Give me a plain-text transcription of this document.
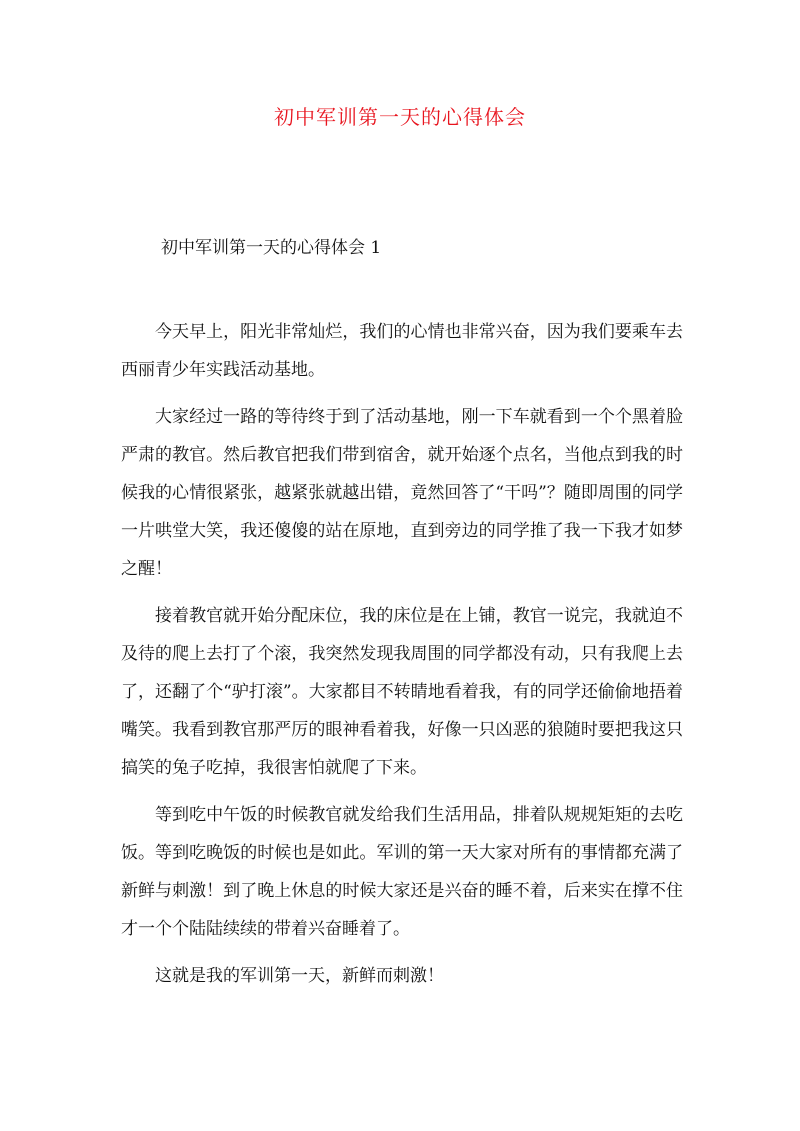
初中军训第一天的心得体会
初中军训第一天的心得体会 1

今天早上，阳光非常灿烂，我们的心情也非常兴奋，因为我们要乘车去西丽青少年实践活动基地。

大家经过一路的等待终于到了活动基地，刚一下车就看到一个个黑着脸严肃的教官。然后教官把我们带到宿舍，就开始逐个点名，当他点到我的时候我的心情很紧张，越紧张就越出错，竟然回答了“干吗”？随即周围的同学一片哄堂大笑，我还傻傻的站在原地，直到旁边的同学推了我一下我才如梦之醒！

接着教官就开始分配床位，我的床位是在上铺，教官一说完，我就迫不及待的爬上去打了个滚，我突然发现我周围的同学都没有动，只有我爬上去了，还翻了个“驴打滚”。大家都目不转睛地看着我，有的同学还偷偷地捂着嘴笑。我看到教官那严厉的眼神看着我，好像一只凶恶的狼随时要把我这只搞笑的兔子吃掉，我很害怕就爬了下来。

等到吃中午饭的时候教官就发给我们生活用品，排着队规规矩矩的去吃饭。等到吃晚饭的时候也是如此。军训的第一天大家对所有的事情都充满了新鲜与刺激！到了晚上休息的时候大家还是兴奋的睡不着，后来实在撑不住才一个个陆陆续续的带着兴奋睡着了。

这就是我的军训第一天，新鲜而刺激！
